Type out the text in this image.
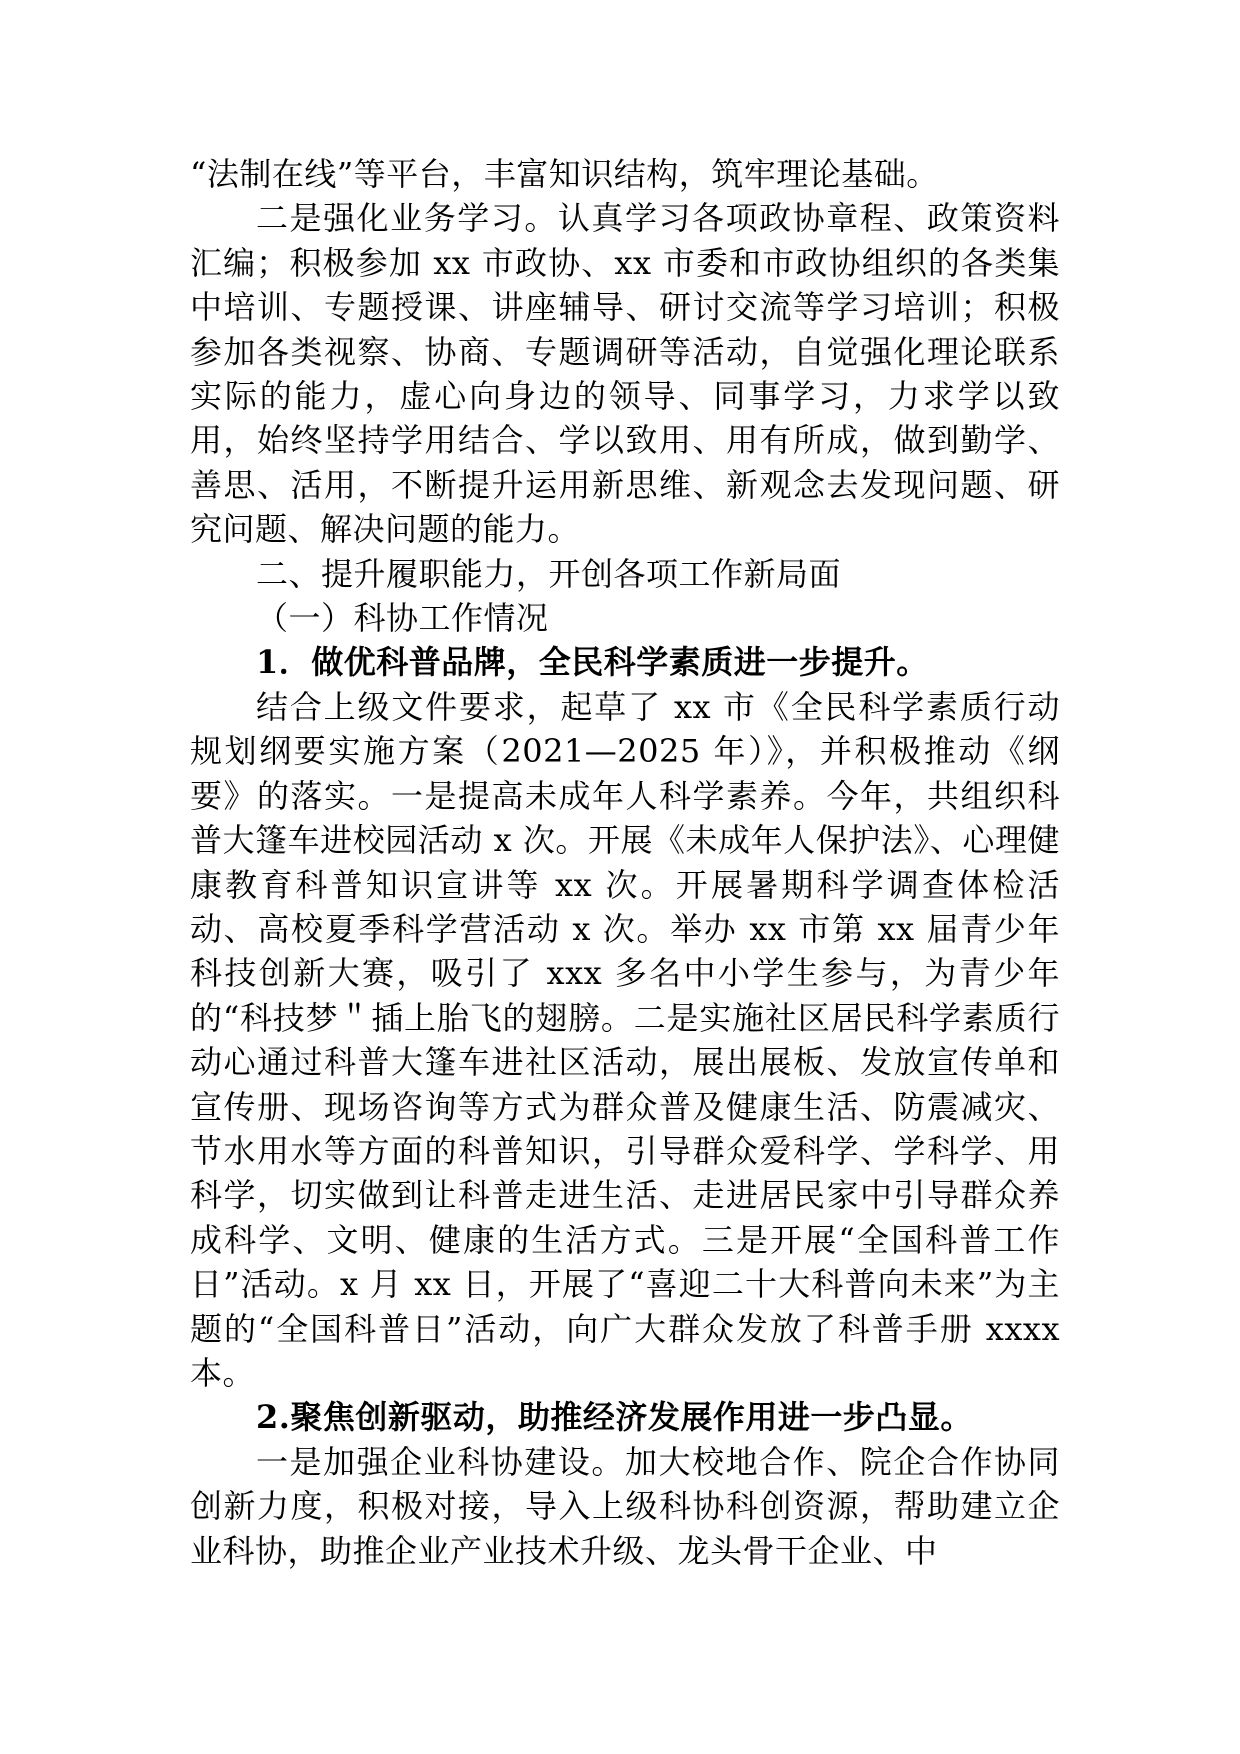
“法制在线”等平台，丰富知识结构，筑牢理论基础。

二是强化业务学习。认真学习各项政协章程、政策资料汇编；积极参加 xx 市政协、xx 市委和市政协组织的各类集中培训、专题授课、讲座辅导、研讨交流等学习培训；积极参加各类视察、协商、专题调研等活动，自觉强化理论联系实际的能力，虚心向身边的领导、同事学习，力求学以致用，始终坚持学用结合、学以致用、用有所成，做到勤学、善思、活用，不断提升运用新思维、新观念去发现问题、研究问题、解决问题的能力。

二、提升履职能力，开创各项工作新局面

（一）科协工作情况

1．做优科普品牌，全民科学素质进一步提升。

结合上级文件要求，起草了 xx 市《全民科学素质行动规划纲要实施方案（2021—2025 年）》，并积极推动《纲要》的落实。一是提高未成年人科学素养。今年，共组织科普大篷车进校园活动 x 次。开展《未成年人保护法》、心理健康教育科普知识宣讲等 xx 次。开展暑期科学调查体检活动、高校夏季科学营活动 x 次。举办 xx 市第 xx 届青少年科技创新大赛，吸引了 xxx 多名中小学生参与，为青少年的“科技梦＂插上胎飞的翅膀。二是实施社区居民科学素质行动心通过科普大篷车进社区活动，展出展板、发放宣传单和宣传册、现场咨询等方式为群众普及健康生活、防震减灾、节水用水等方面的科普知识，引导群众爱科学、学科学、用科学，切实做到让科普走进生活、走进居民家中引导群众养成科学、文明、健康的生活方式。三是开展“全国科普工作日”活动。x 月 xx 日，开展了“喜迎二十大科普向未来”为主题的“全国科普日”活动，向广大群众发放了科普手册 xxxx 本。

2.聚焦创新驱动，助推经济发展作用进一步凸显。

一是加强企业科协建设。加大校地合作、院企合作协同创新力度，积极对接，导入上级科协科创资源，帮助建立企业科协，助推企业产业技术升级、龙头骨干企业、中
